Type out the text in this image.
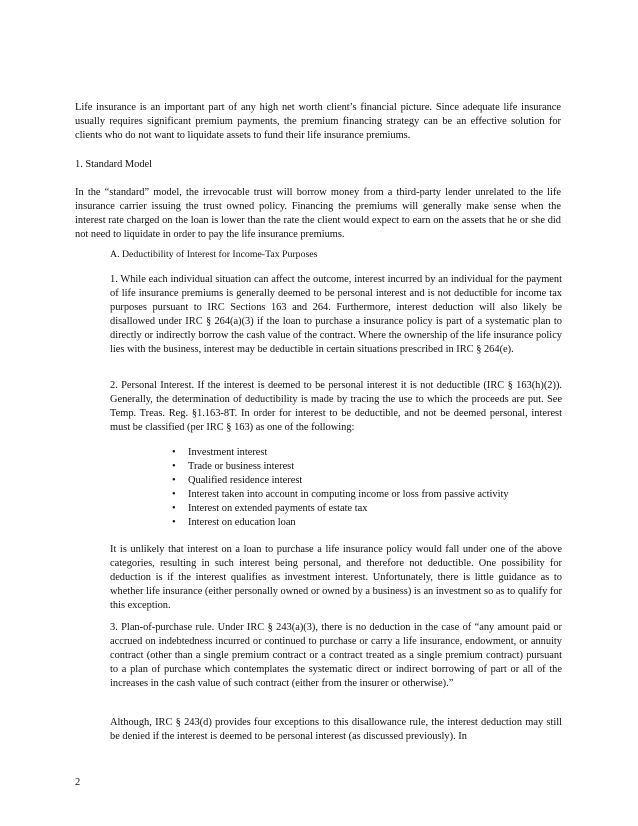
Life insurance is an important part of any high net worth client’s financial picture. Since adequate life insurance usually requires significant premium payments, the premium financing strategy can be an effective solution for clients who do not want to liquidate assets to fund their life insurance premiums.

1. Standard Model

In the “standard” model, the irrevocable trust will borrow money from a third-party lender unrelated to the life insurance carrier issuing the trust owned policy. Financing the premiums will generally make sense when the interest rate charged on the loan is lower than the rate the client would expect to earn on the assets that he or she did not need to liquidate in order to pay the life insurance premiums.

A. Deductibility of Interest for Income-Tax Purposes

1. While each individual situation can affect the outcome, interest incurred by an individual for the payment of life insurance premiums is generally deemed to be personal interest and is not deductible for income tax purposes pursuant to IRC Sections 163 and 264. Furthermore, interest deduction will also likely be disallowed under IRC § 264(a)(3) if the loan to purchase a insurance policy is part of a systematic plan to directly or indirectly borrow the cash value of the contract. Where the ownership of the life insurance policy lies with the business, interest may be deductible in certain situations prescribed in IRC § 264(e).

2. Personal Interest. If the interest is deemed to be personal interest it is not deductible (IRC § 163(h)(2)). Generally, the determination of deductibility is made by tracing the use to which the proceeds are put. See Temp. Treas. Reg. §1.163-8T. In order for interest to be deductible, and not be deemed personal, interest must be classified (per IRC § 163) as one of the following:

• Investment interest
• Trade or business interest
• Qualified residence interest
• Interest taken into account in computing income or loss from passive activity
• Interest on extended payments of estate tax
• Interest on education loan

It is unlikely that interest on a loan to purchase a life insurance policy would fall under one of the above categories, resulting in such interest being personal, and therefore not deductible. One possibility for deduction is if the interest qualifies as investment interest. Unfortunately, there is little guidance as to whether life insurance (either personally owned or owned by a business) is an investment so as to qualify for this exception.

3. Plan-of-purchase rule. Under IRC § 243(a)(3), there is no deduction in the case of “any amount paid or accrued on indebtedness incurred or continued to purchase or carry a life insurance, endowment, or annuity contract (other than a single premium contract or a contract treated as a single premium contract) pursuant to a plan of purchase which contemplates the systematic direct or indirect borrowing of part or all of the increases in the cash value of such contract (either from the insurer or otherwise).”

Although, IRC § 243(d) provides four exceptions to this disallowance rule, the interest deduction may still be denied if the interest is deemed to be personal interest (as discussed previously). In

2
